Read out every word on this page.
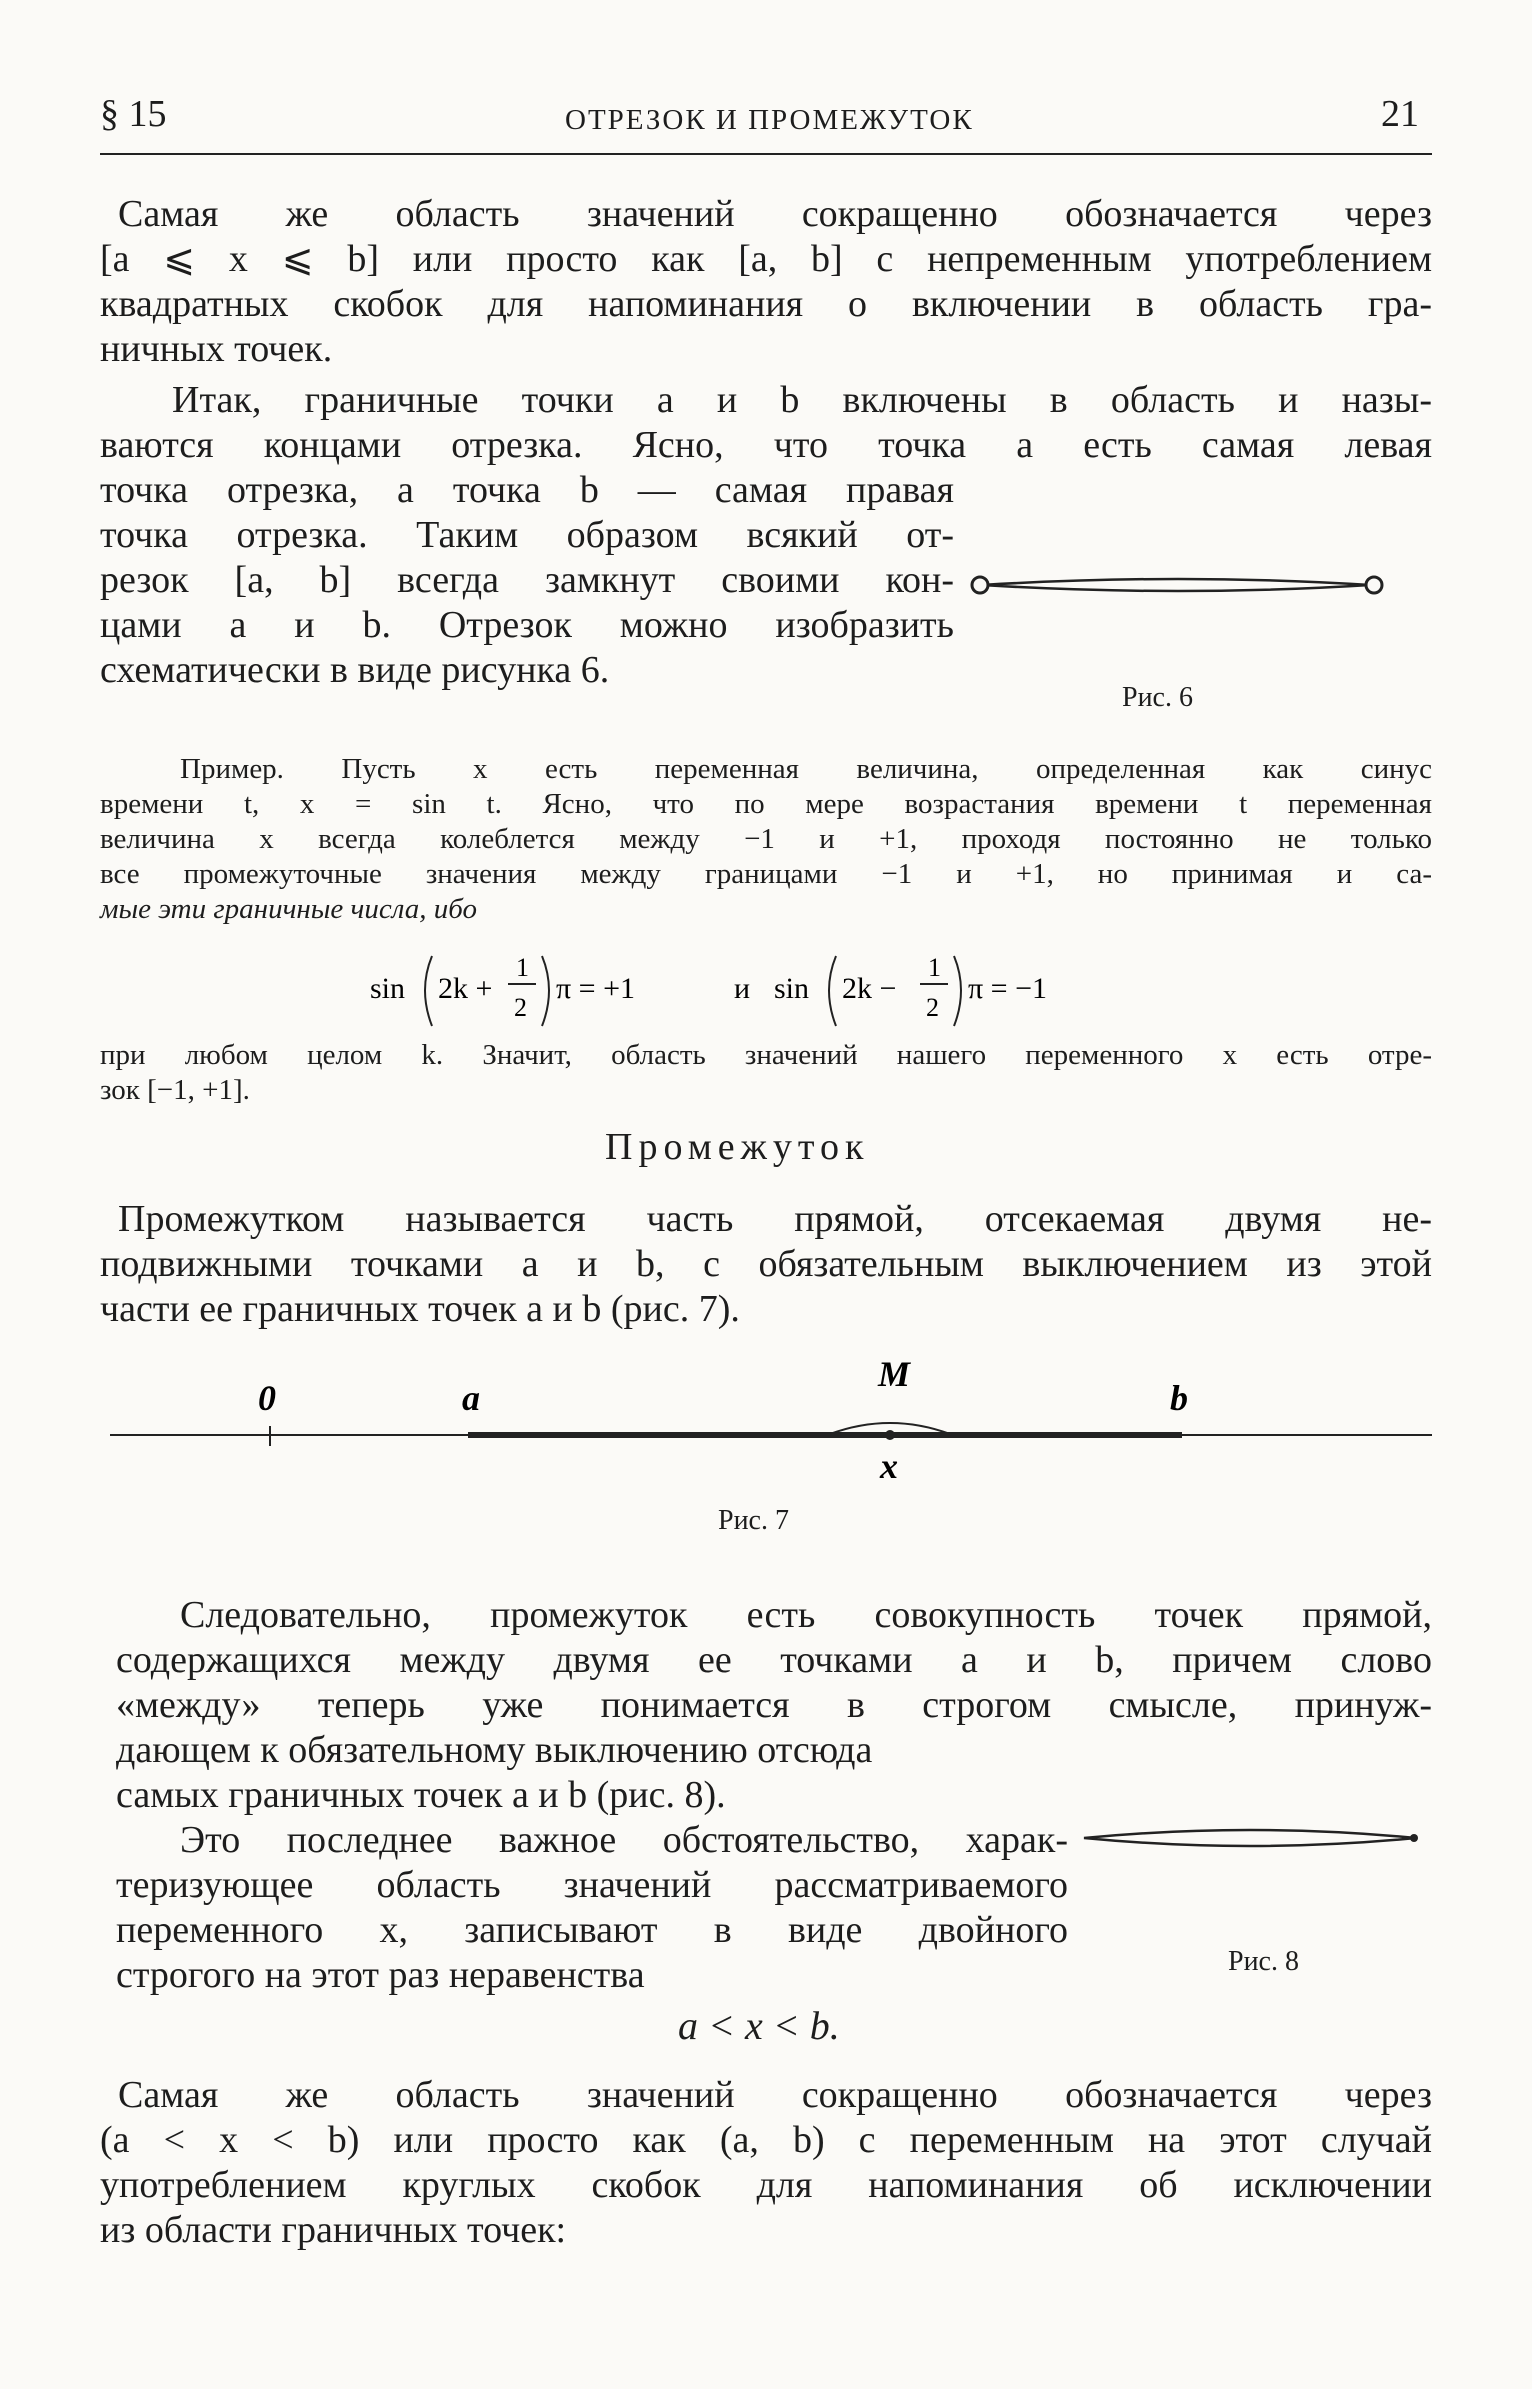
§ 15	ОТРЕЗОК И ПРОМЕЖУТОК	21
Самая же область значений сокращенно обозначается через
[a ⩽ x ⩽ b] или просто как [a, b] с непременным употреблением
квадратных скобок для напоминания о включении в область гра-
ничных точек.
Итак, граничные точки a и b включены в область и назы-
ваются концами отрезка. Ясно, что точка a есть самая левая
точка отрезка, а точка b — самая правая
точка отрезка. Таким образом всякий от-
резок [a, b] всегда замкнут своими кон-
цами a и b. Отрезок можно изобразить
схематически в виде рисунка 6.
Рис. 6
Пример. Пусть x есть переменная величина, определенная как синус
времени t, x = sin t. Ясно, что по мере возрастания времени t переменная
величина x всегда колеблется между −1 и +1, проходя постоянно не только
все промежуточные значения между границами −1 и +1, но принимая и са-
мые эти граничные числа, ибо
sin 2k +
1
2
π = +1	и sin 2k −
1
2
π = −1
при любом целом k. Значит, область значений нашего переменного x есть отре-
зок [−1, +1].
Промежуток
Промежутком называется часть прямой, отсекаемая двумя не-
подвижными точками a и b, с обязательным выключением из этой
части ее граничных точек a и b (рис. 7).
0	a
M
b
x
Рис. 7
Следовательно, промежуток есть совокупность точек прямой,
содержащихся между двумя ее точками a и b, причем слово
«между» теперь уже понимается в строгом смысле, принуж-
дающем к обязательному выключению отсюда
самых граничных точек a и b (рис. 8).
Это последнее важное обстоятельство, харак-
теризующее область значений рассматриваемого
переменного x, записывают в виде двойного
строгого на этот раз неравенства	Рис. 8
a < x < b.
Самая же область значений сокращенно обозначается через
(a < x < b) или просто как (a, b) с переменным на этот случай
употреблением круглых скобок для напоминания об исключении
из области граничных точек:
